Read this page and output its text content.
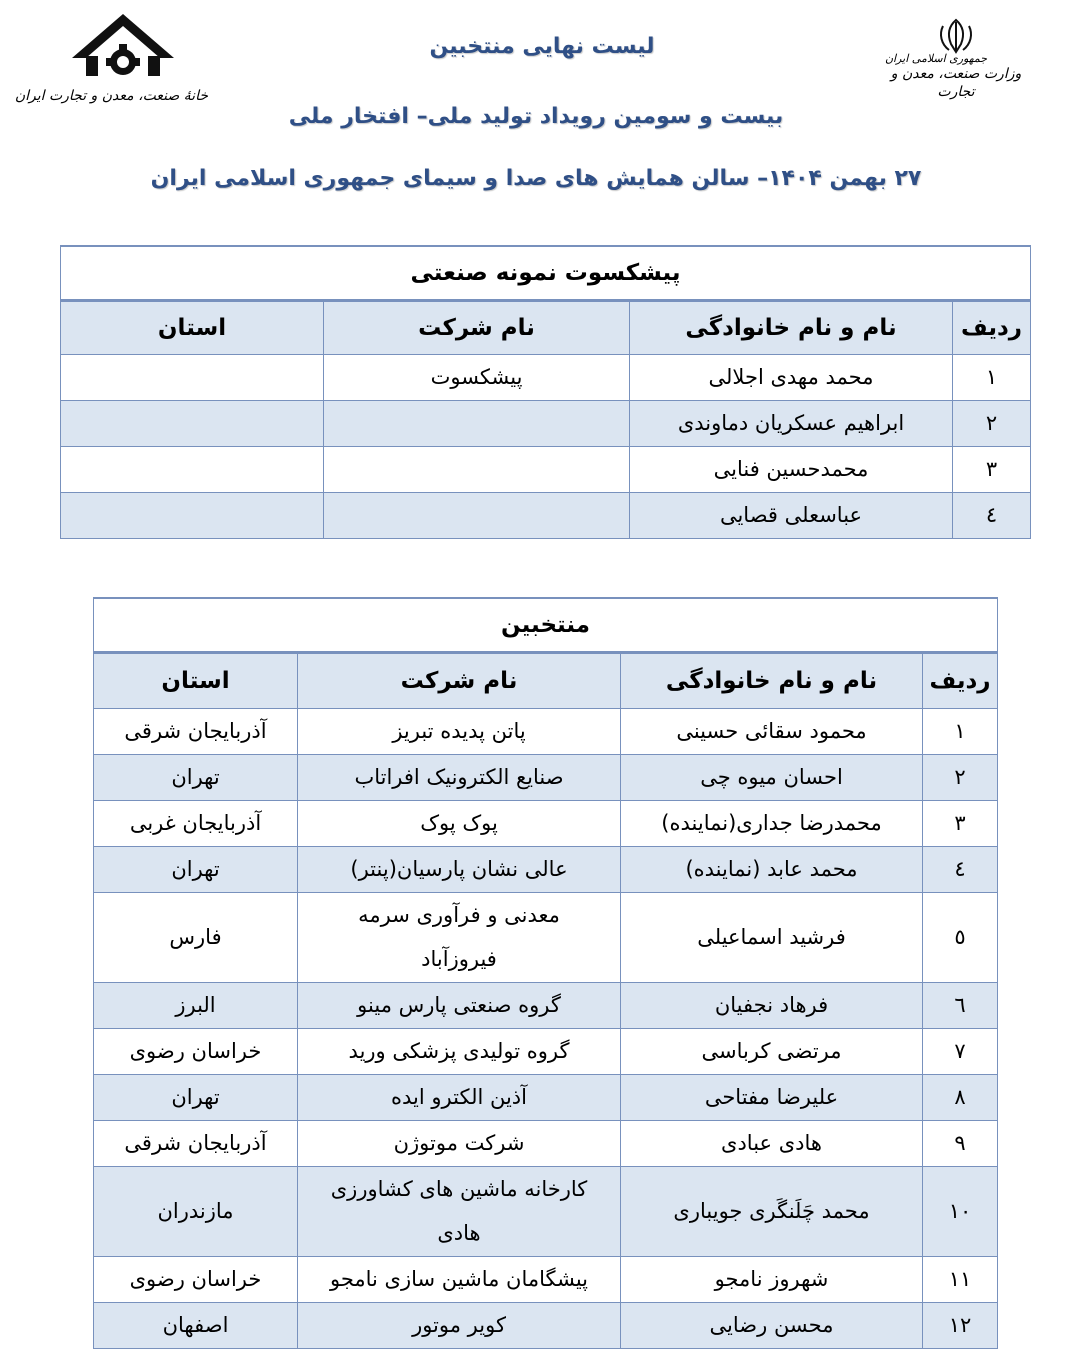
خانهٔ صنعت، معدن و تجارت ایران
جمهوری اسلامی ایران
وزارت صنعت، معدن و تجارت
لیست نهایی منتخبین
بیست و سومین رویداد تولید ملی– افتخار ملی
۲۷ بهمن ۱۴۰۴– سالن همایش های صدا و سیمای جمهوری اسلامی ایران
پیشکسوت نمونه صنعتی			
ردیف	نام و نام خانوادگی	نام شرکت	استان
۱	محمد مهدی اجلالی	پیشکسوت	
۲	ابراهیم عسکریان دماوندی		
۳	محمدحسین فنایی		
٤	عباسعلی قصایی		
منتخبین			
ردیف	نام و نام خانوادگی	نام شرکت	استان
۱	محمود سقائی حسینی	پاتن پدیده تبریز	آذربایجان شرقی
۲	احسان میوه چی	صنایع الکترونیک افراتاب	تهران
۳	محمدرضا جداری(نماینده)	پوک پوک	آذربایجان غربی
٤	محمد عابد (نماینده)	عالی نشان پارسیان(پنتر)	تهران
٥	فرشید اسماعیلی	معدنی و فرآوری سرمه فیروزآباد	فارس
٦	فرهاد نجفیان	گروه صنعتی پارس مینو	البرز
۷	مرتضی کرباسی	گروه تولیدی پزشکی ورید	خراسان رضوی
۸	علیرضا مفتاحی	آذین الکترو ایده	تهران
۹	هادی عبادی	شرکت موتوژن	آذربایجان شرقی
۱۰	محمد چَلَنگَری جویباری	کارخانه ماشین های کشاورزی هادی	مازندران
۱۱	شهروز نامجو	پیشگامان ماشین سازی نامجو	خراسان رضوی
۱۲	محسن رضایی	کویر موتور	اصفهان
